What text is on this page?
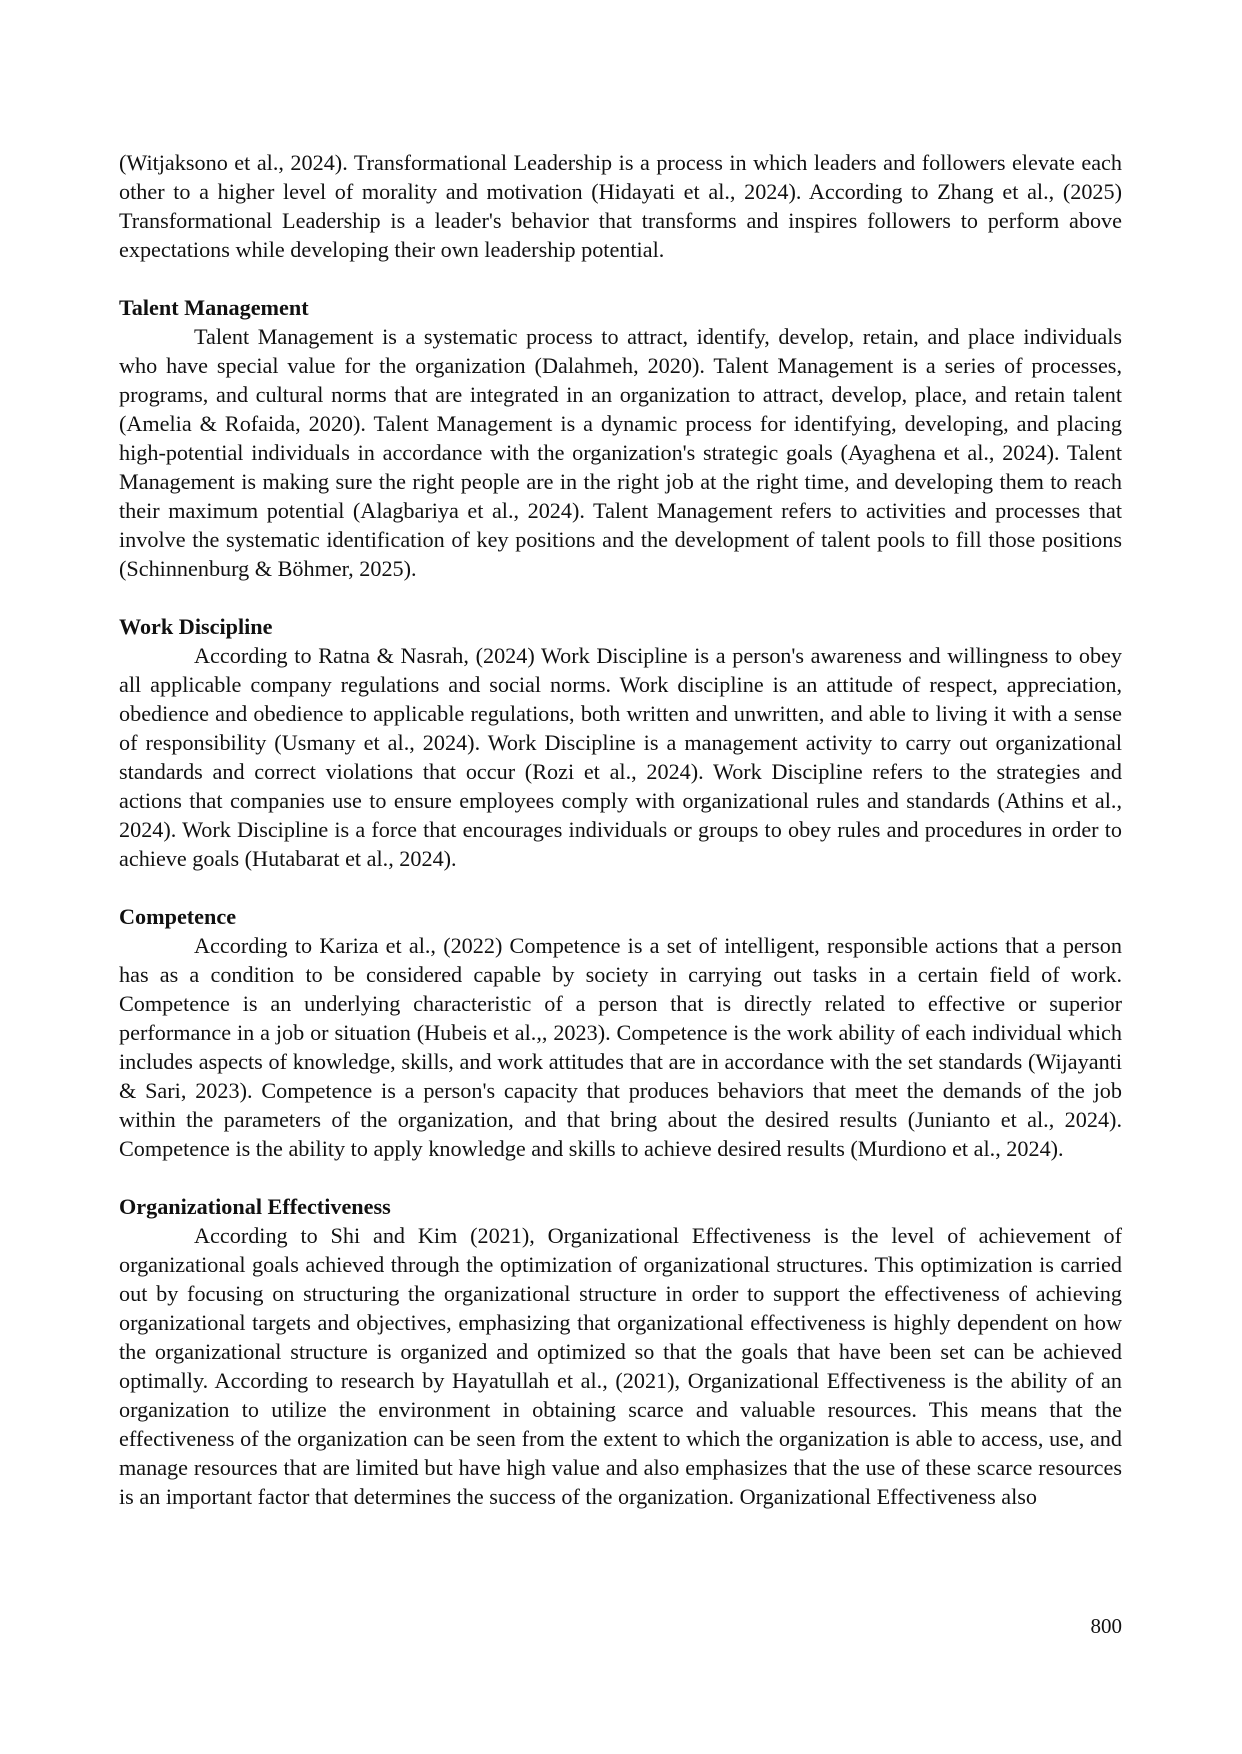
(Witjaksono et al., 2024). Transformational Leadership is a process in which leaders and followers elevate each other to a higher level of morality and motivation (Hidayati et al., 2024). According to Zhang et al., (2025) Transformational Leadership is a leader's behavior that transforms and inspires followers to perform above expectations while developing their own leadership potential.

Talent Management

Talent Management is a systematic process to attract, identify, develop, retain, and place individuals who have special value for the organization (Dalahmeh, 2020). Talent Management is a series of processes, programs, and cultural norms that are integrated in an organization to attract, develop, place, and retain talent (Amelia & Rofaida, 2020). Talent Management is a dynamic process for identifying, developing, and placing high-potential individuals in accordance with the organization's strategic goals (Ayaghena et al., 2024). Talent Management is making sure the right people are in the right job at the right time, and developing them to reach their maximum potential (Alagbariya et al., 2024). Talent Management refers to activities and processes that involve the systematic identification of key positions and the development of talent pools to fill those positions (Schinnenburg & Böhmer, 2025).

Work Discipline

According to Ratna & Nasrah, (2024) Work Discipline is a person's awareness and willingness to obey all applicable company regulations and social norms. Work discipline is an attitude of respect, appreciation, obedience and obedience to applicable regulations, both written and unwritten, and able to living it with a sense of responsibility (Usmany et al., 2024). Work Discipline is a management activity to carry out organizational standards and correct violations that occur (Rozi et al., 2024). Work Discipline refers to the strategies and actions that companies use to ensure employees comply with organizational rules and standards (Athins et al., 2024). Work Discipline is a force that encourages individuals or groups to obey rules and procedures in order to achieve goals (Hutabarat et al., 2024).

Competence

According to Kariza et al., (2022) Competence is a set of intelligent, responsible actions that a person has as a condition to be considered capable by society in carrying out tasks in a certain field of work. Competence is an underlying characteristic of a person that is directly related to effective or superior performance in a job or situation (Hubeis et al.,, 2023). Competence is the work ability of each individual which includes aspects of knowledge, skills, and work attitudes that are in accordance with the set standards (Wijayanti & Sari, 2023). Competence is a person's capacity that produces behaviors that meet the demands of the job within the parameters of the organization, and that bring about the desired results (Junianto et al., 2024). Competence is the ability to apply knowledge and skills to achieve desired results (Murdiono et al., 2024).

Organizational Effectiveness

According to Shi and Kim (2021), Organizational Effectiveness is the level of achievement of organizational goals achieved through the optimization of organizational structures. This optimization is carried out by focusing on structuring the organizational structure in order to support the effectiveness of achieving organizational targets and objectives, emphasizing that organizational effectiveness is highly dependent on how the organizational structure is organized and optimized so that the goals that have been set can be achieved optimally. According to research by Hayatullah et al., (2021), Organizational Effectiveness is the ability of an organization to utilize the environment in obtaining scarce and valuable resources. This means that the effectiveness of the organization can be seen from the extent to which the organization is able to access, use, and manage resources that are limited but have high value and also emphasizes that the use of these scarce resources is an important factor that determines the success of the organization. Organizational Effectiveness also

800
